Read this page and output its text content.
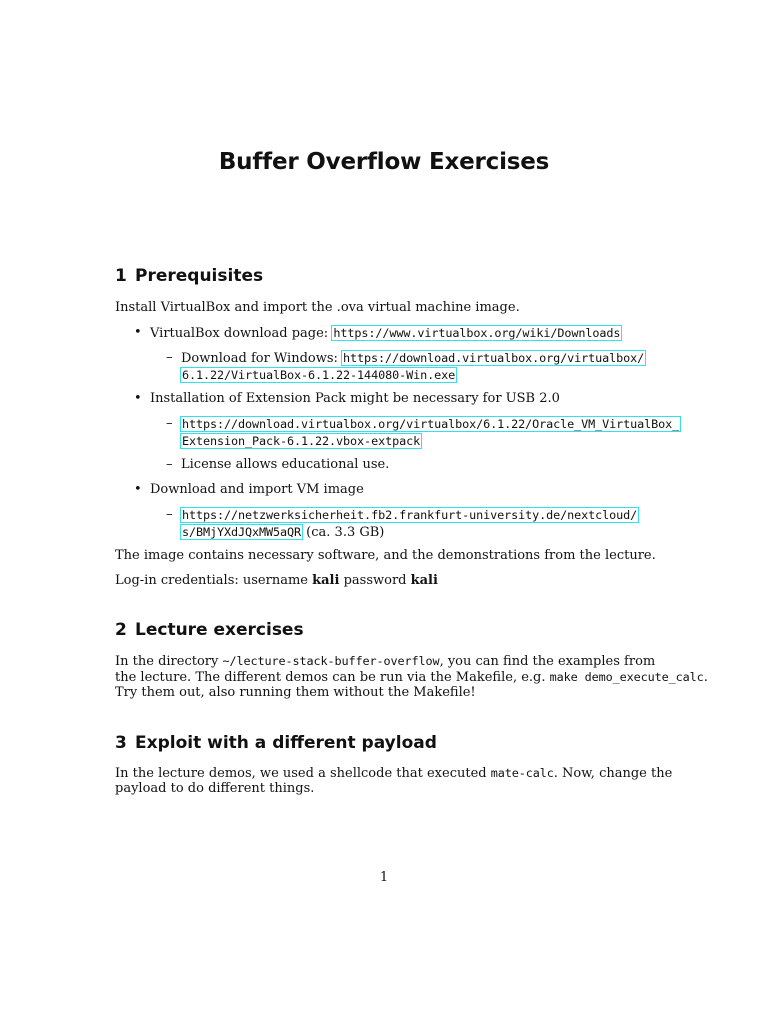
Buffer Overflow Exercises
1 Prerequisites
Install VirtualBox and import the .ova virtual machine image.
• VirtualBox download page: https://www.virtualbox.org/wiki/Downloads
– Download for Windows: https://download.virtualbox.org/virtualbox/
6.1.22/VirtualBox-6.1.22-144080-Win.exe
• Installation of Extension Pack might be necessary for USB 2.0
– https://download.virtualbox.org/virtualbox/6.1.22/Oracle_VM_VirtualBox_
Extension_Pack-6.1.22.vbox-extpack
– License allows educational use.
• Download and import VM image
– https://netzwerksicherheit.fb2.frankfurt-university.de/nextcloud/
s/BMjYXdJQxMW5aQR (ca. 3.3 GB)
The image contains necessary software, and the demonstrations from the lecture.
Log-in credentials: username kali password kali
2 Lecture exercises
In the directory ~/lecture-stack-buffer-overflow, you can find the examples from
the lecture. The different demos can be run via the Makefile, e.g. make demo_execute_calc.
Try them out, also running them without the Makefile!
3 Exploit with a different payload
In the lecture demos, we used a shellcode that executed mate-calc. Now, change the
payload to do different things.
1
